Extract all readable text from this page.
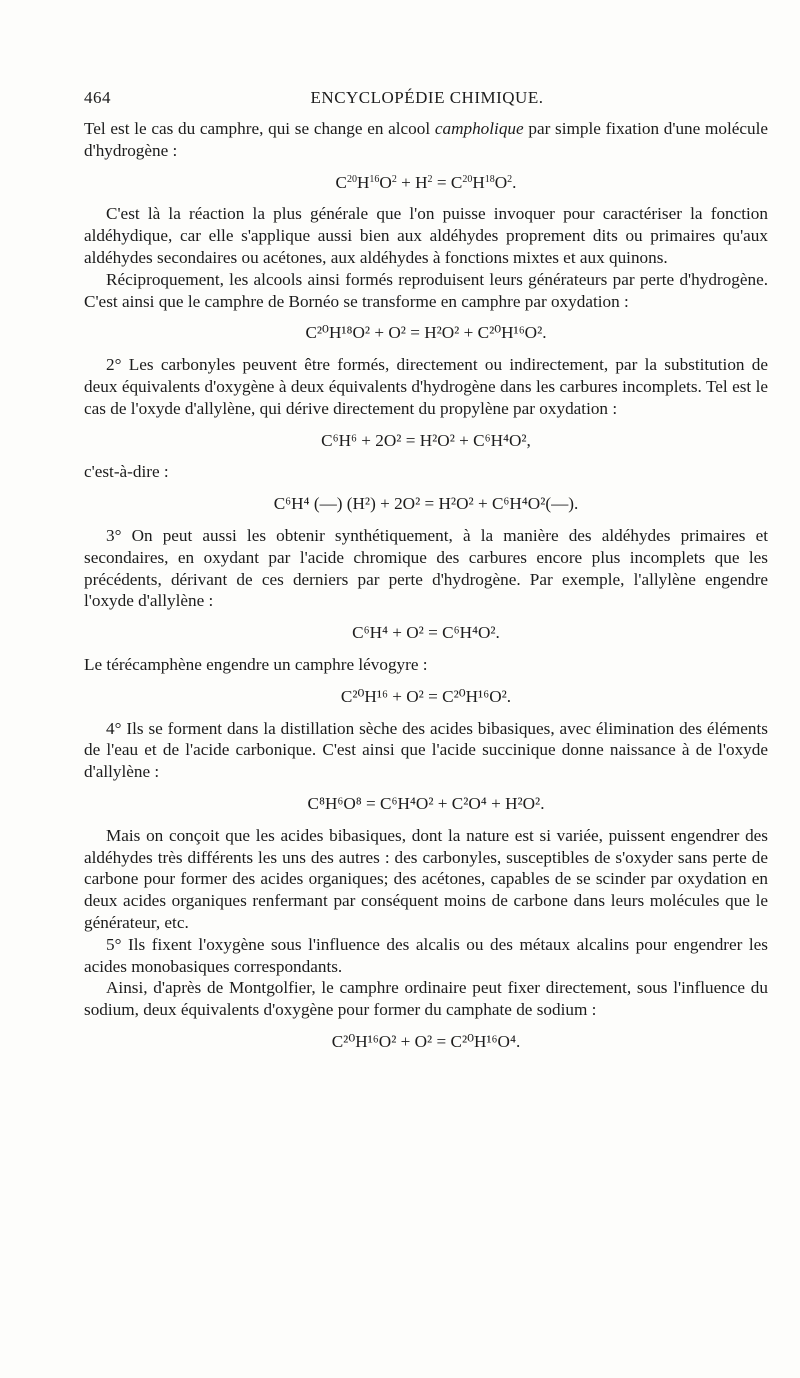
464	ENCYCLOPÉDIE CHIMIQUE.

Tel est le cas du camphre, qui se change en alcool campholique par simple fixation d'une molécule d'hydrogène :

$C^{20}H^{16}O^2 + H^2 = C^{20}H^{18}O^2$.

C'est là la réaction la plus générale que l'on puisse invoquer pour caractériser la fonction aldéhydique, car elle s'applique aussi bien aux aldéhydes proprement dits ou primaires qu'aux aldéhydes secondaires ou acétones, aux aldéhydes à fonctions mixtes et aux quinons.

Réciproquement, les alcools ainsi formés reproduisent leurs générateurs par perte d'hydrogène. C'est ainsi que le camphre de Bornéo se transforme en camphre par oxydation :

C²⁰H¹⁸O² + O² = H²O² + C²⁰H¹⁶O².

2° Les carbonyles peuvent être formés, directement ou indirectement, par la substitution de deux équivalents d'oxygène à deux équivalents d'hydrogène dans les carbures incomplets. Tel est le cas de l'oxyde d'allylène, qui dérive directement du propylène par oxydation :

C⁶H⁶ + 2O² = H²O² + C⁶H⁴O²,

c'est-à-dire :

C⁶H⁴ (—) (H²) + 2O² = H²O² + C⁶H⁴O²(—).

3° On peut aussi les obtenir synthétiquement, à la manière des aldéhydes primaires et secondaires, en oxydant par l'acide chromique des carbures encore plus incomplets que les précédents, dérivant de ces derniers par perte d'hydrogène. Par exemple, l'allylène engendre l'oxyde d'allylène :

C⁶H⁴ + O² = C⁶H⁴O².

Le térécamphène engendre un camphre lévogyre :

C²⁰H¹⁶ + O² = C²⁰H¹⁶O².

4° Ils se forment dans la distillation sèche des acides bibasiques, avec élimination des éléments de l'eau et de l'acide carbonique. C'est ainsi que l'acide succinique donne naissance à de l'oxyde d'allylène :

C⁸H⁶O⁸ = C⁶H⁴O² + C²O⁴ + H²O².

Mais on conçoit que les acides bibasiques, dont la nature est si variée, puissent engendrer des aldéhydes très différents les uns des autres : des carbonyles, susceptibles de s'oxyder sans perte de carbone pour former des acides organiques; des acétones, capables de se scinder par oxydation en deux acides organiques renfermant par conséquent moins de carbone dans leurs molécules que le générateur, etc.

5° Ils fixent l'oxygène sous l'influence des alcalis ou des métaux alcalins pour engendrer les acides monobasiques correspondants.

Ainsi, d'après de Montgolfier, le camphre ordinaire peut fixer directement, sous l'influence du sodium, deux équivalents d'oxygène pour former du camphate de sodium :

C²⁰H¹⁶O² + O² = C²⁰H¹⁶O⁴.
